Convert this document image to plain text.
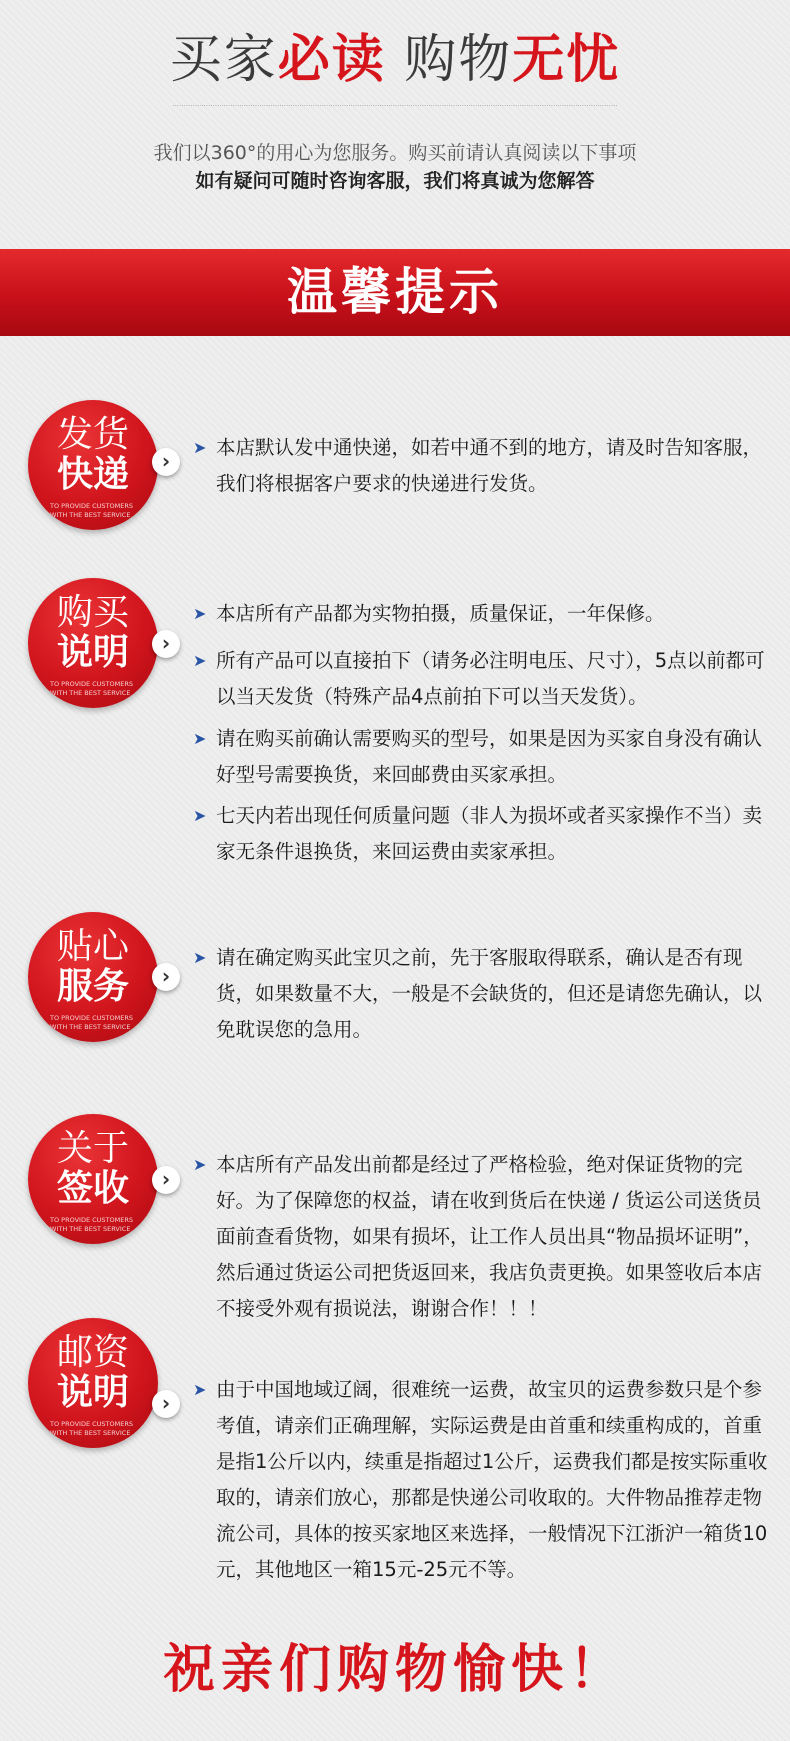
买家必读 购物无忧
........................................................................................................................................................................................................
我们以360°的用心为您服务。购买前请认真阅读以下事项
如有疑问可随时咨询客服，我们将真诚为您解答
温馨提示
发货
快递
TO PROVIDE CUSTOMERS
WITH THE BEST SERVICE
›
➤ 本店默认发中通快递，如若中通不到的地方，请及时告知客服，我们将根据客户要求的快递进行发货。
购买
说明
TO PROVIDE CUSTOMERS
WITH THE BEST SERVICE
›
➤ 本店所有产品都为实物拍摄，质量保证，一年保修。
➤ 所有产品可以直接拍下（请务必注明电压、尺寸），5点以前都可以当天发货（特殊产品4点前拍下可以当天发货）。
➤ 请在购买前确认需要购买的型号，如果是因为买家自身没有确认好型号需要换货，来回邮费由买家承担。
➤ 七天内若出现任何质量问题（非人为损坏或者买家操作不当）卖家无条件退换货，来回运费由卖家承担。
贴心
服务
TO PROVIDE CUSTOMERS
WITH THE BEST SERVICE
›
➤ 请在确定购买此宝贝之前，先于客服取得联系，确认是否有现货，如果数量不大，一般是不会缺货的，但还是请您先确认，以免耽误您的急用。
关于
签收
TO PROVIDE CUSTOMERS
WITH THE BEST SERVICE
›
➤ 本店所有产品发出前都是经过了严格检验，绝对保证货物的完好。为了保障您的权益，请在收到货后在快递 / 货运公司送货员面前查看货物，如果有损坏，让工作人员出具“物品损坏证明”，然后通过货运公司把货返回来，我店负责更换。如果签收后本店不接受外观有损说法，谢谢合作！！！
邮资
说明
TO PROVIDE CUSTOMERS
WITH THE BEST SERVICE
›
➤ 由于中国地域辽阔，很难统一运费，故宝贝的运费参数只是个参考值，请亲们正确理解，实际运费是由首重和续重构成的，首重是指1公斤以内，续重是指超过1公斤，运费我们都是按实际重收取的，请亲们放心，那都是快递公司收取的。大件物品推荐走物流公司，具体的按买家地区来选择，一般情况下江浙沪一箱货10元，其他地区一箱15元-25元不等。
祝亲们购物愉快！
